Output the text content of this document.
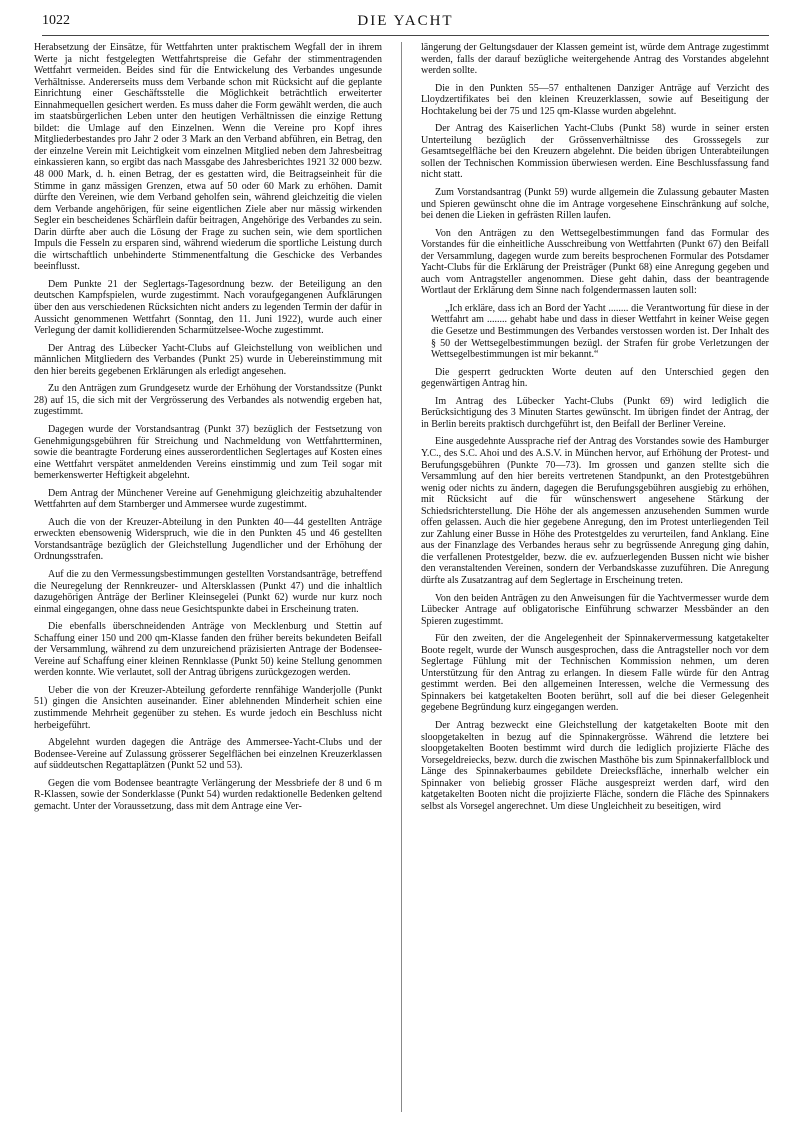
1022	DIE YACHT

Herabsetzung der Einsätze, für Wettfahrten unter praktischem Wegfall der in ihrem Werte ja nicht festgelegten Wettfahrtspreise die Gefahr der stimmentragenden Wettfahrt vermeiden. Beides sind für die Entwickelung des Verbandes ungesunde Verhältnisse. Andererseits muss dem Verbande schon mit Rücksicht auf die geplante Einrichtung einer Geschäftsstelle die Möglichkeit beträchtlich erweiterter Einnahmequellen gesichert werden. Es muss daher die Form gewählt werden, die auch im staatsbürgerlichen Leben unter den heutigen Verhältnissen die einzige Rettung bildet: die Umlage auf den Einzelnen. Wenn die Vereine pro Kopf ihres Mitgliederbestandes pro Jahr 2 oder 3 Mark an den Verband abführen, ein Betrag, den der einzelne Verein mit Leichtigkeit vom einzelnen Mitglied neben dem Jahresbeitrag einkassieren kann, so ergibt das nach Massgabe des Jahresberichtes 1921 32 000 bezw. 48 000 Mark, d. h. einen Betrag, der es gestatten wird, die Beitragseinheit für die Stimme in ganz mässigen Grenzen, etwa auf 50 oder 60 Mark zu erhöhen. Damit dürfte den Vereinen, wie dem Verband geholfen sein, während gleichzeitig die vielen dem Verbande angehörigen, für seine eigentlichen Ziele aber nur mässig wirkenden Segler ein bescheidenes Schärflein dafür beitragen, Angehörige des Verbandes zu sein. Darin dürfte aber auch die Lösung der Frage zu suchen sein, wie dem sportlichen Impuls die Fesseln zu ersparen sind, während wiederum die sportliche Leistung durch die wirtschaftlich unbehinderte Stimmenentfaltung die Geschicke des Verbandes beeinflusst.

Dem Punkte 21 der Seglertags-Tagesordnung bezw. der Beteiligung an den deutschen Kampfspielen, wurde zugestimmt. Nach voraufgegangenen Aufklärungen über den aus verschiedenen Rücksichten nicht anders zu legenden Termin der dafür in Aussicht genommenen Wettfahrt (Sonntag, den 11. Juni 1922), wurde auch einer Verlegung der damit kollidierenden Scharmützelsee-Woche zugestimmt.

Der Antrag des Lübecker Yacht-Clubs auf Gleichstellung von weiblichen und männlichen Mitgliedern des Verbandes (Punkt 25) wurde in Uebereinstimmung mit den hier bereits gegebenen Erklärungen als erledigt angesehen.

Zu den Anträgen zum Grundgesetz wurde der Erhöhung der Vorstandssitze (Punkt 28) auf 15, die sich mit der Vergrösserung des Verbandes als notwendig ergeben hat, zugestimmt.

Dagegen wurde der Vorstandsantrag (Punkt 37) bezüglich der Festsetzung von Genehmigungsgebühren für Streichung und Nachmeldung von Wettfahrtterminen, sowie die beantragte Forderung eines ausserordentlichen Seglertages auf Kosten eines eine Wettfahrt verspätet anmeldenden Vereins einstimmig und zum Teil sogar mit bemerkenswerter Heftigkeit abgelehnt.

Dem Antrag der Münchener Vereine auf Genehmigung gleichzeitig abzuhaltender Wettfahrten auf dem Starnberger und Ammersee wurde zugestimmt.

Auch die von der Kreuzer-Abteilung in den Punkten 40—44 gestellten Anträge erweckten ebensowenig Widerspruch, wie die in den Punkten 45 und 46 gestellten Vorstandsanträge bezüglich der Gleichstellung Jugendlicher und der Erhöhung der Ordnungsstrafen.

Auf die zu den Vermessungsbestimmungen gestellten Vorstandsanträge, betreffend die Neuregelung der Rennkreuzer- und Altersklassen (Punkt 47) und die inhaltlich dazugehörigen Anträge der Berliner Kleinsegelei (Punkt 62) wurde nur kurz noch einmal eingegangen, ohne dass neue Gesichtspunkte dabei in Erscheinung traten.

Die ebenfalls überschneidenden Anträge von Mecklenburg und Stettin auf Schaffung einer 150 und 200 qm-Klasse fanden den früher bereits bekundeten Beifall der Versammlung, während zu dem unzureichend präzisierten Antrage der Bodensee-Vereine auf Schaffung einer kleinen Rennklasse (Punkt 50) keine Stellung genommen werden konnte. Wie verlautet, soll der Antrag übrigens zurückgezogen werden.

Ueber die von der Kreuzer-Abteilung geforderte rennfähige Wanderjolle (Punkt 51) gingen die Ansichten auseinander. Einer ablehnenden Minderheit schien eine zustimmende Mehrheit gegenüber zu stehen. Es wurde jedoch ein Beschluss nicht herbeigeführt.

Abgelehnt wurden dagegen die Anträge des Ammersee-Yacht-Clubs und der Bodensee-Vereine auf Zulassung grösserer Segelflächen bei einzelnen Kreuzerklassen auf süddeutschen Regattaplätzen (Punkt 52 und 53).

Gegen die vom Bodensee beantragte Verlängerung der Messbriefe der 8 und 6 m R-Klassen, sowie der Sonderklasse (Punkt 54) wurden redaktionelle Bedenken geltend gemacht. Unter der Voraussetzung, dass mit dem Antrage eine Ver-

längerung der Geltungsdauer der Klassen gemeint ist, würde dem Antrage zugestimmt werden, falls der darauf bezügliche weitergehende Antrag des Vorstandes abgelehnt werden sollte.

Die in den Punkten 55—57 enthaltenen Danziger Anträge auf Verzicht des Lloydzertifikates bei den kleinen Kreuzerklassen, sowie auf Beseitigung der Hochtakelung bei der 75 und 125 qm-Klasse wurden abgelehnt.

Der Antrag des Kaiserlichen Yacht-Clubs (Punkt 58) wurde in seiner ersten Unterteilung bezüglich der Grössenverhältnisse des Grosssegels zur Gesamtsegelfläche bei den Kreuzern abgelehnt. Die beiden übrigen Unterabteilungen sollen der Technischen Kommission überwiesen werden. Eine Beschlussfassung fand nicht statt.

Zum Vorstandsantrag (Punkt 59) wurde allgemein die Zulassung gebauter Masten und Spieren gewünscht ohne die im Antrage vorgesehene Einschränkung auf solche, bei denen die Lieken in gefrästen Rillen laufen.

Von den Anträgen zu den Wettsegelbestimmungen fand das Formular des Vorstandes für die einheitliche Ausschreibung von Wettfahrten (Punkt 67) den Beifall der Versammlung, dagegen wurde zum bereits besprochenen Formular des Potsdamer Yacht-Clubs für die Erklärung der Preisträger (Punkt 68) eine Anregung gegeben und auch vom Antragsteller angenommen. Diese geht dahin, dass der beantragende Wortlaut der Erklärung dem Sinne nach folgendermassen lauten soll:

„Ich erkläre, dass ich an Bord der Yacht ........ die Verantwortung für diese in der Wettfahrt am ........ gehabt habe und dass in dieser Wettfahrt in keiner Weise gegen die Gesetze und Bestimmungen des Verbandes verstossen worden ist. Der Inhalt des § 50 der Wettsegelbestimmungen bezügl. der Strafen für grobe Verletzungen der Wettsegelbestimmungen ist mir bekannt.“

Die gesperrt gedruckten Worte deuten auf den Unterschied gegen den gegenwärtigen Antrag hin.

Im Antrag des Lübecker Yacht-Clubs (Punkt 69) wird lediglich die Berücksichtigung des 3 Minuten Startes gewünscht. Im übrigen findet der Antrag, der in Berlin bereits praktisch durchgeführt ist, den Beifall der Berliner Vereine.

Eine ausgedehnte Aussprache rief der Antrag des Vorstandes sowie des Hamburger Y.C., des S.C. Ahoi und des A.S.V. in München hervor, auf Erhöhung der Protest- und Berufungsgebühren (Punkte 70—73). Im grossen und ganzen stellte sich die Versammlung auf den hier bereits vertretenen Standpunkt, an den Protestgebühren wenig oder nichts zu ändern, dagegen die Berufungsgebühren ausgiebig zu erhöhen, mit Rücksicht auf die für wünschenswert angesehene Stärkung der Schiedsrichterstellung. Die Höhe der als angemessen anzusehenden Summen wurde offen gelassen. Auch die hier gegebene Anregung, den im Protest unterliegenden Teil zur Zahlung einer Busse in Höhe des Protestgeldes zu verurteilen, fand Anklang. Eine aus der Finanzlage des Verbandes heraus sehr zu begrüssende Anregung ging dahin, die verfallenen Protestgelder, bezw. die ev. aufzuerlegenden Bussen nicht wie bisher den veranstaltenden Vereinen, sondern der Verbandskasse zuzuführen. Die Anregung dürfte als Zusatzantrag auf dem Seglertage in Erscheinung treten.

Von den beiden Anträgen zu den Anweisungen für die Yachtvermesser wurde dem Lübecker Antrage auf obligatorische Einführung schwarzer Messbänder an den Spieren zugestimmt.

Für den zweiten, der die Angelegenheit der Spinnakervermessung katgetakelter Boote regelt, wurde der Wunsch ausgesprochen, dass die Antragsteller noch vor dem Seglertage Fühlung mit der Technischen Kommission nehmen, um deren Unterstützung für den Antrag zu erlangen. In diesem Falle würde für den Antrag gestimmt werden. Bei den allgemeinen Interessen, welche die Vermessung des Spinnakers bei katgetakelten Booten berührt, soll auf die bei dieser Gelegenheit gegebene Begründung kurz eingegangen werden.

Der Antrag bezweckt eine Gleichstellung der katgetakelten Boote mit den sloopgetakelten in bezug auf die Spinnakergrösse. Während die letztere bei sloopgetakelten Booten bestimmt wird durch die lediglich projizierte Fläche des Vorsegeldreiecks, bezw. durch die zwischen Masthöhe bis zum Spinnakerfallblock und Länge des Spinnakerbaumes gebildete Dreiecksfläche, innerhalb welcher ein Spinnaker von beliebig grosser Fläche ausgespreizt werden darf, wird den katgetakelten Booten nicht die projizierte Fläche, sondern die Fläche des Spinnakers selbst als Vorsegel angerechnet. Um diese Ungleichheit zu beseitigen, wird
